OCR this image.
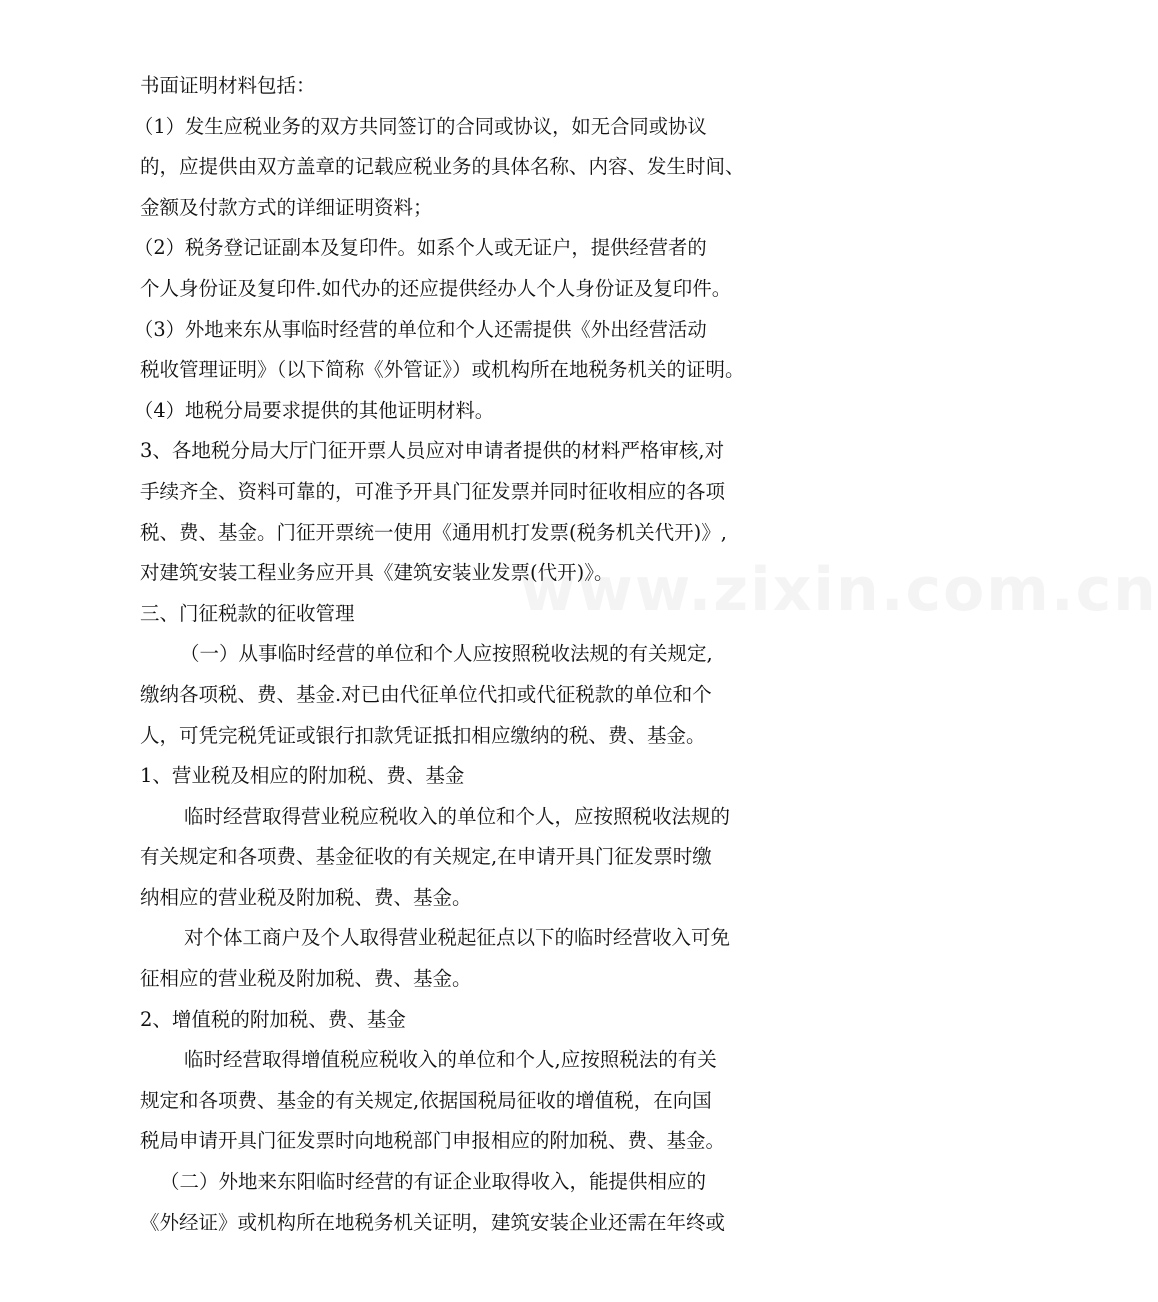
www.zixin.com.cn
书面证明材料包括：
（1）发生应税业务的双方共同签订的合同或协议，如无合同或协议
的，应提供由双方盖章的记载应税业务的具体名称、内容、发生时间、
金额及付款方式的详细证明资料；
（2）税务登记证副本及复印件。如系个人或无证户，提供经营者的
个人身份证及复印件.如代办的还应提供经办人个人身份证及复印件。
（3）外地来东从事临时经营的单位和个人还需提供《外出经营活动
税收管理证明》（以下简称《外管证》）或机构所在地税务机关的证明。
（4）地税分局要求提供的其他证明材料。
3、各地税分局大厅门征开票人员应对申请者提供的材料严格审核,对
手续齐全、资料可靠的，可准予开具门征发票并同时征收相应的各项
税、费、基金。门征开票统一使用《通用机打发票(税务机关代开)》,
对建筑安装工程业务应开具《建筑安装业发票(代开)》。
三、门征税款的征收管理
（一）从事临时经营的单位和个人应按照税收法规的有关规定,
缴纳各项税、费、基金.对已由代征单位代扣或代征税款的单位和个
人，可凭完税凭证或银行扣款凭证抵扣相应缴纳的税、费、基金。
1、营业税及相应的附加税、费、基金
临时经营取得营业税应税收入的单位和个人，应按照税收法规的
有关规定和各项费、基金征收的有关规定,在申请开具门征发票时缴
纳相应的营业税及附加税、费、基金。
对个体工商户及个人取得营业税起征点以下的临时经营收入可免
征相应的营业税及附加税、费、基金。
2、增值税的附加税、费、基金
临时经营取得增值税应税收入的单位和个人,应按照税法的有关
规定和各项费、基金的有关规定,依据国税局征收的增值税，在向国
税局申请开具门征发票时向地税部门申报相应的附加税、费、基金。
（二）外地来东阳临时经营的有证企业取得收入，能提供相应的
《外经证》或机构所在地税务机关证明，建筑安装企业还需在年终或
